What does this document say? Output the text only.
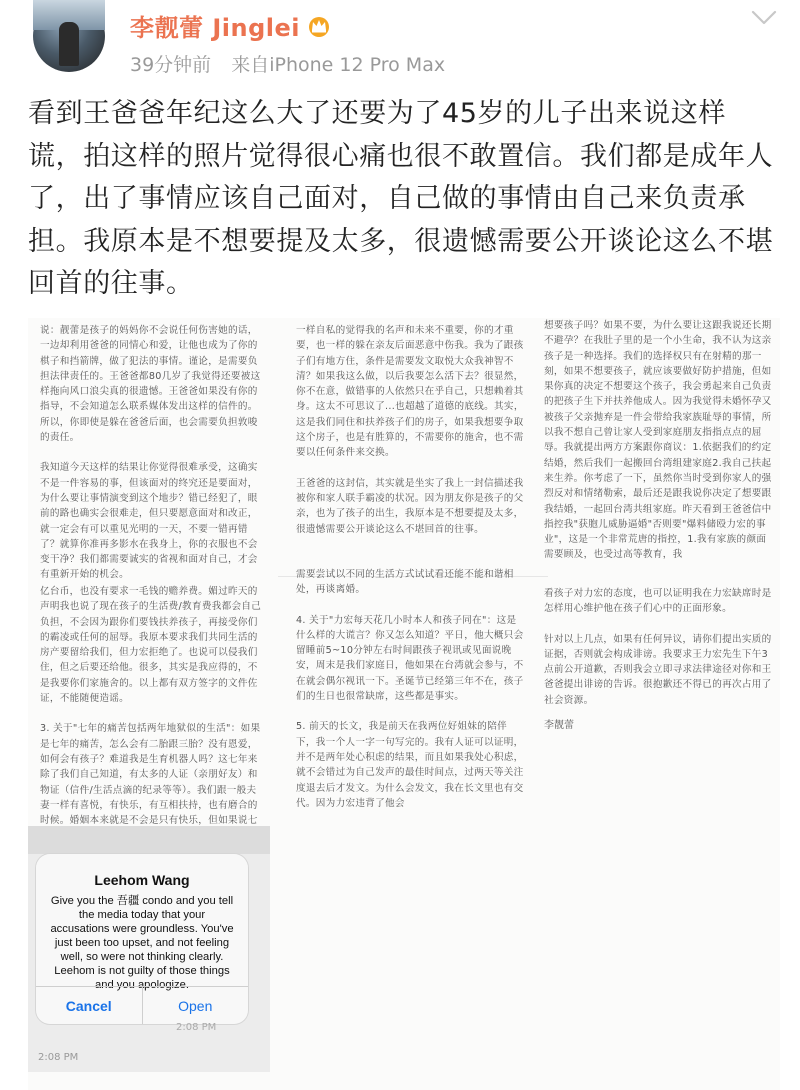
李靓蕾 Jinglei
39分钟前 来自iPhone 12 Pro Max
看到王爸爸年纪这么大了还要为了45岁的儿子出来说这样谎，拍这样的照片觉得很心痛也很不敢置信。我们都是成年人了，出了事情应该自己面对，自己做的事情由自己来负责承担。我原本是不想要提及太多，很遗憾需要公开谈论这么不堪回首的往事。

说：靓蕾是孩子的妈妈你不会说任何伤害她的话，一边却利用爸爸的同情心和爱，让他也成为了你的棋子和挡箭牌，做了犯法的事情。谨论，是需要负担法律责任的。王爸爸都80几岁了我觉得还要被这样拖向风口浪尖真的很遗憾。王爸爸如果没有你的指导，不会知道怎么联系媒体发出这样的信件的。所以，你即使是躲在爸爸后面，也会需要负担敦唆的责任。

我知道今天这样的结果让你觉得很难承受，这确实不是一件容易的事，但该面对的终究还是要面对，为什么要让事情演变到这个地步？错已经犯了，眼前的路也确实会很难走，但只要愿意面对和改正，就一定会有可以重见光明的一天，不要一错再错了？就算你准再多影水在我身上，你的衣服也不会变干净？我们都需要诚实的省视和面对自己，才会有重新开始的机会。

一样自私的觉得我的名声和未来不重要，你的才重要，也一样的躲在亲友后面恶意中伤我。我为了跟孩子们有地方住，条件是需要发文取悦大众我神智不清？如果我这么做，以后我要怎么活下去？很显然，你不在意，做错事的人依然只在乎自己，只想赖着其身。这太不可思议了...也超越了道德的底线。其实，这是我们同住和扶养孩子们的房子，如果我想要争取这个房子，也是有胜算的，不需要你的施舍，也不需要以任何条件来交换。

王爸爸的这封信，其实就是坐实了我上一封信描述我被你和家人联手霸凌的状况。因为朋友你是孩子的父亲，也为了孩子的出生，我原本是不想要提及太多，很遗憾需要公开谈论这么不堪回首的往事。

想要孩子吗？如果不要，为什么要让这跟我说还长期不避孕？在我肚子里的是一个小生命，我不认为这亲孩子是一种选择。我们的选择权只有在射精的那一刻，如果不想要孩子，就应该要做好防护措施，但如果你真的决定不想要这个孩子，我会勇起来自己负责的把孩子生下并扶养他成人。因为我觉得未婚怀孕又被孩子父亲抛弃是一件会带给我家族耻辱的事情，所以我不想自己曾让家人受到家庭朋友指指点点的屈辱。我就提出两方方案跟你商议：1.依据我们的约定结婚，然后我们一起搬回台湾组建家庭2.我自己扶起来生养。你考虑了一下，虽然你当时受到你家人的强烈反对和情绪勒索，最后还是跟我说你决定了想要跟我结婚，一起回台湾共组家庭。昨天看到王爸爸信中指控我"获胞儿威胁逼婚"否则要"爆料储殴力宏的事业"，这是一个非常荒唐的指控，1.我有家族的颜面需要顾及，也受过高等教育，我

亿台币，也没有要求一毛钱的赡养费。媚过昨天的声明我也说了现在孩子的生活费/教育费我都会自己负担，不会因为跟你们要钱扶养孩子，再接受你们的霸凌或任何的屈辱。我原本要求我们共同生活的房产要留给我们，但力宏拒绝了。也说可以侵我们住，但之后要还给他。很多，其实是我应得的，不是我要你们家施舍的。以上都有双方签字的文件佐证，不能随便造谣。

3. 关于"七年的痛苦包括两年地狱似的生活"：如果是七年的痛苦，怎么会有二胎跟三胎？没有恩爱，如何会有孩子？难道我是生育机器人吗？这七年来除了我们自己知道，有太多的人证（亲朋好友）和物证（信件/生活点滴的纪录等等）。我们跟一般夫妻一样有喜悦，有快乐，有互相扶持，也有磨合的时候。婚姻本来就是不会是只有快乐，但如果说七

需要尝试以不同的生活方式试试看还能不能和谐相处，再谈离婚。

4. 关于"力宏每天花几小时本人和孩子同在"：这是什么样的大谎言？你又怎么知道？平日，他大概只会留睡前5~10分钟左右时间跟孩子视讯或见面说晚安，周末是我们家庭日，他如果在台湾就会参与，不在就会偶尔视讯一下。圣诞节已经第三年不在，孩子们的生日也很常缺席，这些都是事实。

5. 前天的长文，我是前天在我两位好姐妹的陪伴下，我一个人一字一句写完的。我有人证可以证明，并不是两年处心积虑的结果，而且如果我处心积虑，就不会错过为自己发声的最佳时间点，过两天等关注度退去后才发文。为什么会发文，我在长文里也有交代。因为力宏违背了他会

看孩子对力宏的态度，也可以证明我在力宏缺席时是怎样用心维护他在孩子们心中的正面形象。

针对以上几点，如果有任何异议，请你们提出实质的证据，否则就会构成诽谤。我要求王力宏先生下午3点前公开道歉，否则我会立即寻求法律途径对你和王爸爸提出诽谤的告诉。很抱歉还不得已的再次占用了社会资源。

李靓蕾
Leehom Wang
Give you the 吾疆 condo and you tell the media today that your accusations were groundless. You've just been too upset, and not feeling well, so were not thinking clearly. Leehom is not guilty of those things and you apologize.
Cancel	Open
2:08 PM
2:08 PM
